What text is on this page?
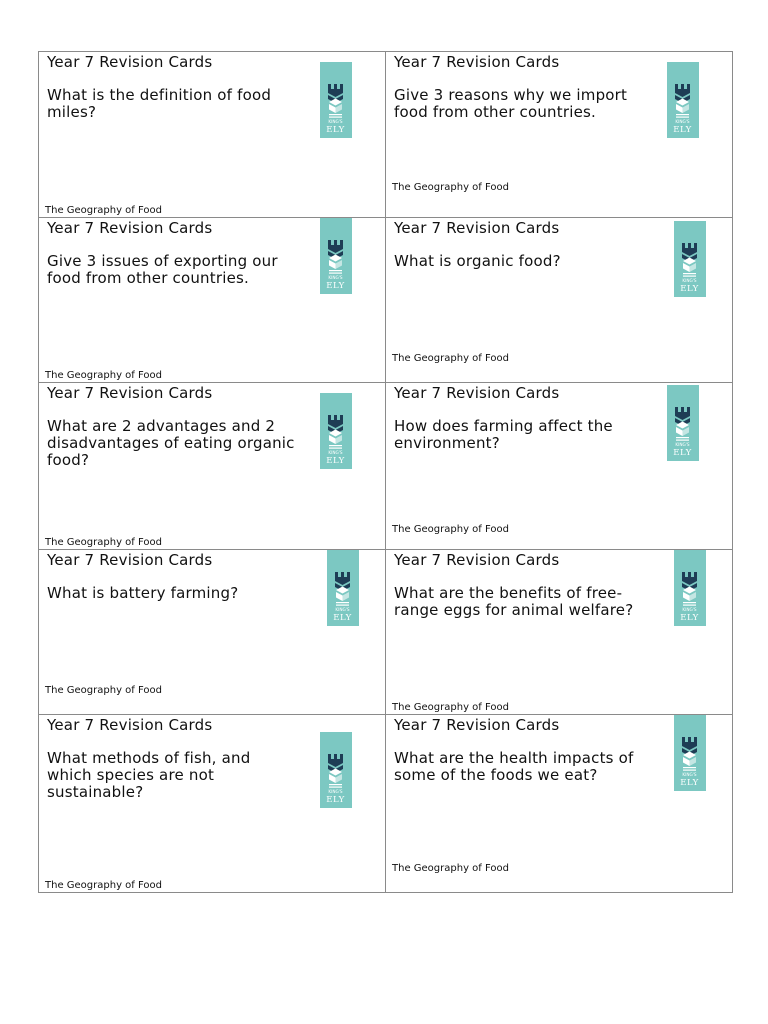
Year 7 Revision Cards

What is the definition of food miles?

The Geography of Food

KING'S
ELY
Year 7 Revision Cards

Give 3 reasons why we import food from other countries.

The Geography of Food

KING'S
ELY
Year 7 Revision Cards

Give 3 issues of exporting our food from other countries.

The Geography of Food

KING'S
ELY
Year 7 Revision Cards

What is organic food?

The Geography of Food

KING'S
ELY
Year 7 Revision Cards

What are 2 advantages and 2 disadvantages of eating organic food?

The Geography of Food

KING'S
ELY
Year 7 Revision Cards

How does farming affect the environment?

The Geography of Food

KING'S
ELY
Year 7 Revision Cards

What is battery farming?

The Geography of Food

KING'S
ELY
Year 7 Revision Cards

What are the benefits of free-range eggs for animal welfare?

The Geography of Food

KING'S
ELY
Year 7 Revision Cards

What methods of fish, and which species are not sustainable?

The Geography of Food

KING'S
ELY
Year 7 Revision Cards

What are the health impacts of some of the foods we eat?

The Geography of Food

KING'S
ELY
